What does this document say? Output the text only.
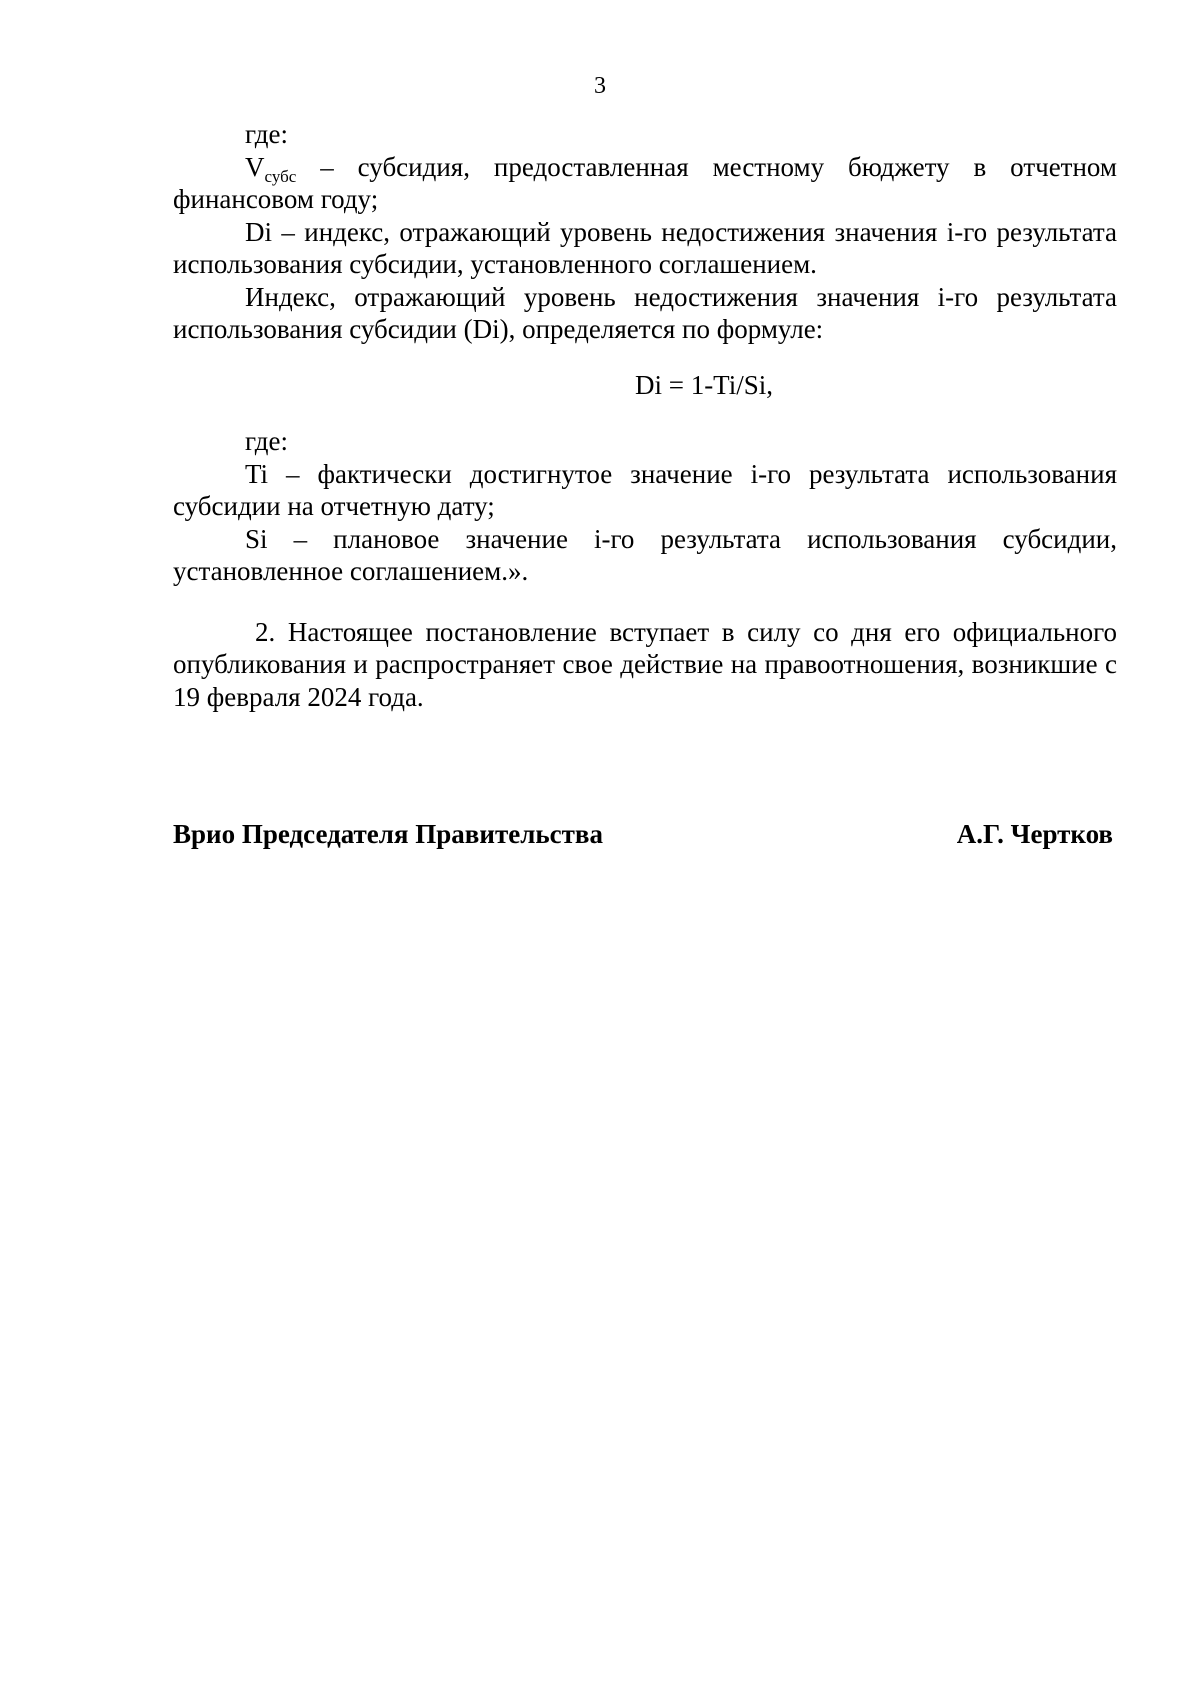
3

где:

$V_{субс}$ – субсидия, предоставленная местному бюджету в отчетном финансовом году;

Di – индекс, отражающий уровень недостижения значения i-го результата использования субсидии, установленного соглашением.

Индекс, отражающий уровень недостижения значения i-го результата использования субсидии (Di), определяется по формуле:

Di = 1-Ti/Si,

где:

Ti – фактически достигнутое значение i-го результата использования субсидии на отчетную дату;

Si – плановое значение i-го результата использования субсидии, установленное соглашением.».

2. Настоящее постановление вступает в силу со дня его официального опубликования и распространяет свое действие на правоотношения, возникшие с 19 февраля 2024 года.

Врио Председателя Правительства	А.Г. Чертков
